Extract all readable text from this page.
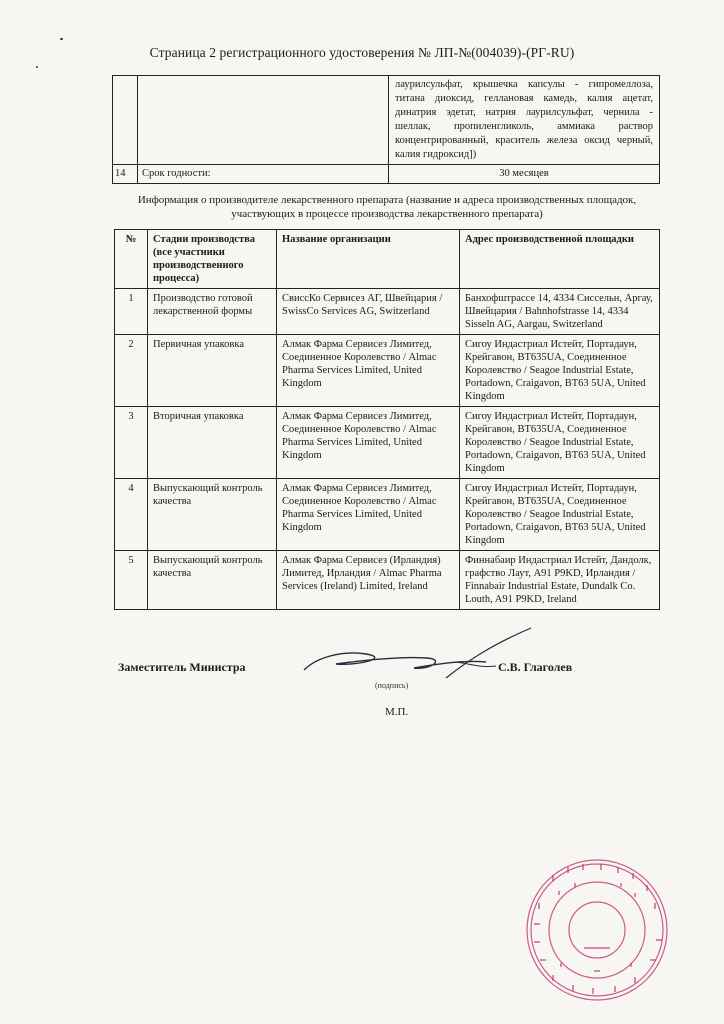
Страница 2 регистрационного удостоверения № ЛП-№(004039)-(РГ-RU)
		лаурилсульфат, крышечка капсулы - гипромеллоза, титана диоксид, геллановая камедь, калия ацетат, динатрия эдетат, натрия лаурилсульфат, чернила - шеллак, пропиленгликоль, аммиака раствор концентрированный, краситель железа оксид черный, калия гидроксид])
14	Срок годности:	30 месяцев
Информация о производителе лекарственного препарата (название и адреса производственных площадок, участвующих в процессе производства лекарственного препарата)
№	Стадии производства (все участники производственного процесса)	Название организации	Адрес производственной площадки
1	Производство готовой лекарственной формы	СвиссКо Сервисез АГ, Швейцария / SwissCo Services AG, Switzerland	Банхофштрассе 14, 4334 Сиссельн, Аргау, Швейцария / Bahnhofstrasse 14, 4334 Sisseln AG, Aargau, Switzerland
2	Первичная упаковка	Алмак Фарма Сервисез Лимитед, Соединенное Королевство / Almac Pharma Services Limited, United Kingdom	Сигоу Индастриал Истейт, Портадаун, Крейгавон, BT635UA, Соединенное Королевство / Seagoe Industrial Estate, Portadown, Craigavon, BT63 5UA, United Kingdom
3	Вторичная упаковка	Алмак Фарма Сервисез Лимитед, Соединенное Королевство / Almac Pharma Services Limited, United Kingdom	Сигоу Индастриал Истейт, Портадаун, Крейгавон, BT635UA, Соединенное Королевство / Seagoe Industrial Estate, Portadown, Craigavon, BT63 5UA, United Kingdom
4	Выпускающий контроль качества	Алмак Фарма Сервисез Лимитед, Соединенное Королевство / Almac Pharma Services Limited, United Kingdom	Сигоу Индастриал Истейт, Портадаун, Крейгавон, BT635UA, Соединенное Королевство / Seagoe Industrial Estate, Portadown, Craigavon, BT63 5UA, United Kingdom
5	Выпускающий контроль качества	Алмак Фарма Сервисез (Ирландия) Лимитед, Ирландия / Almac Pharma Services (Ireland) Limited, Ireland	Финнабаир Индастриал Истейт, Дандолк, графство Лаут, A91 P9KD, Ирландия / Finnabair Industrial Estate, Dundalk Co. Louth, A91 P9KD, Ireland
Заместитель Министра	С.В. Глаголев
(подпись)
М.П.
